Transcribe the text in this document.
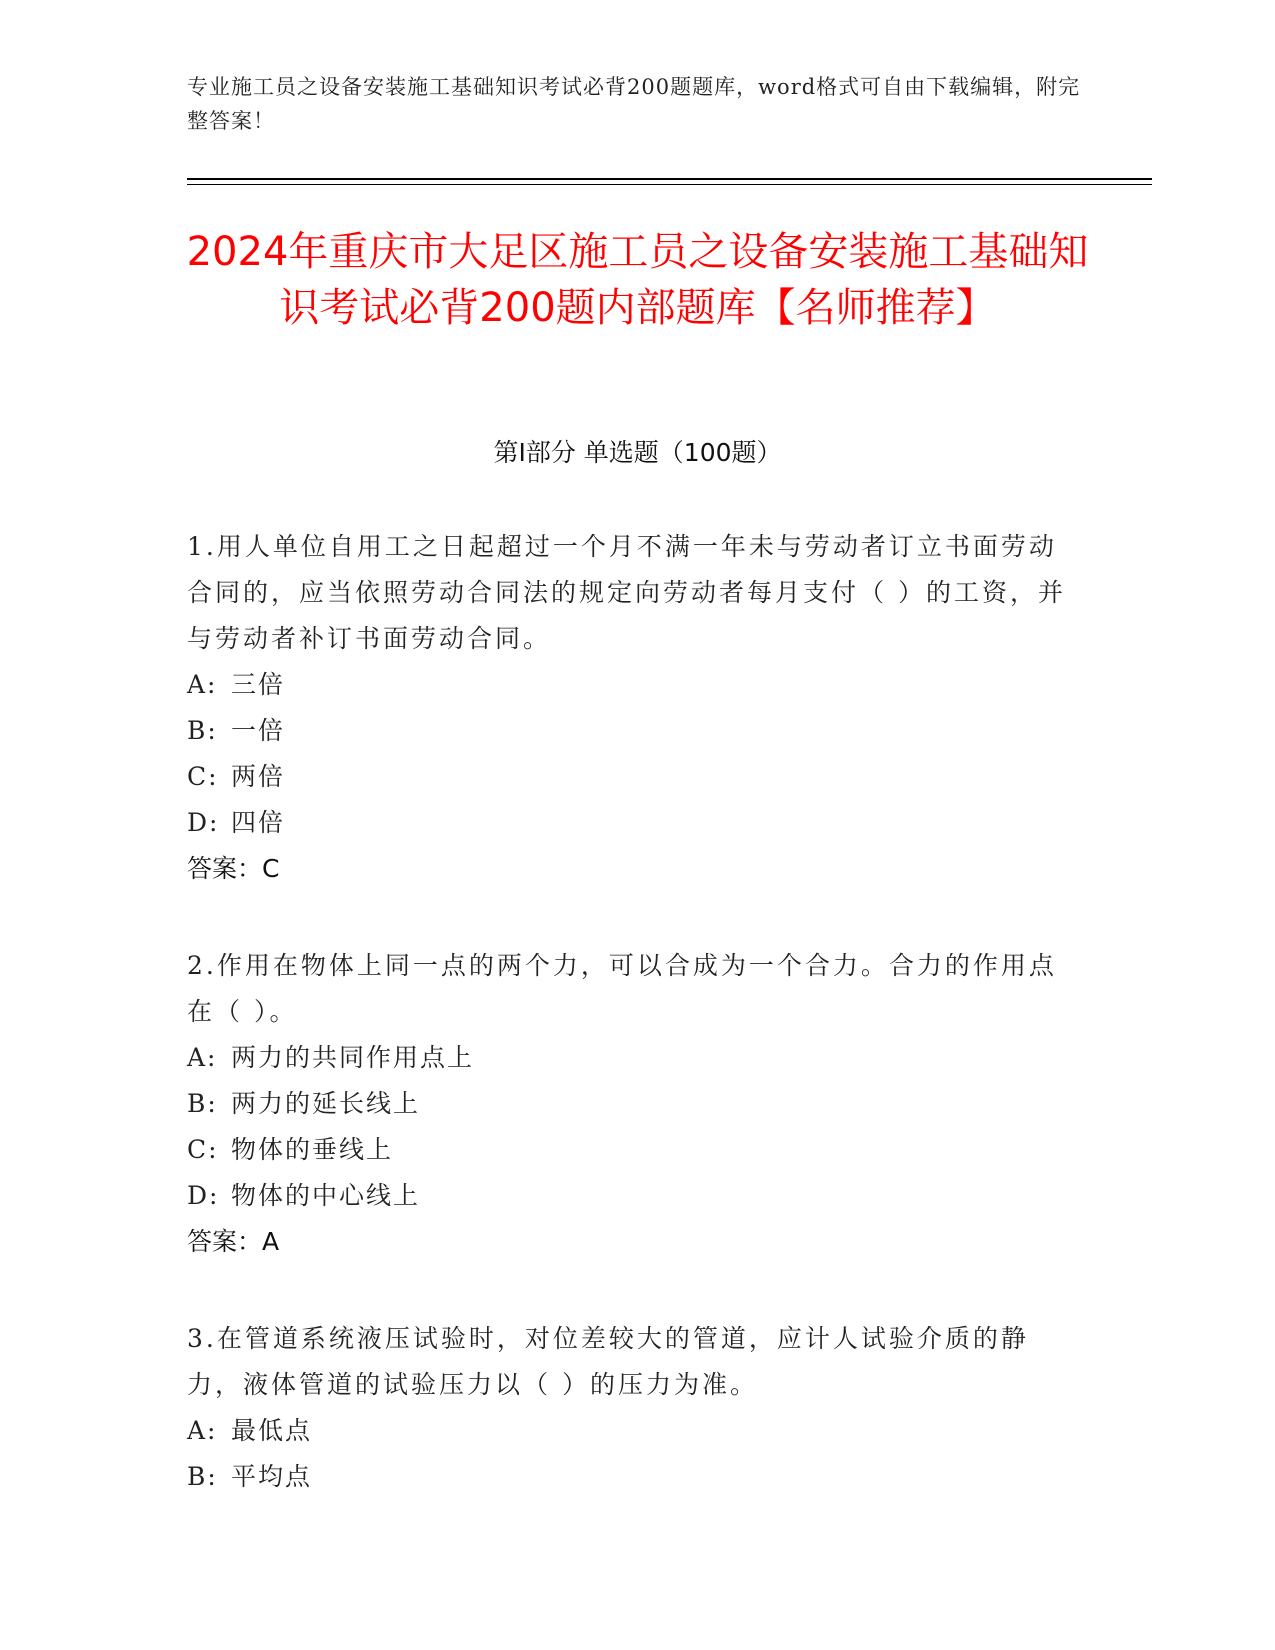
专业施工员之设备安装施工基础知识考试必背200题题库，word格式可自由下载编辑，附完整答案！
2024年重庆市大足区施工员之设备安装施工基础知识考试必背200题内部题库【名师推荐】
第Ⅰ部分 单选题（100题）

1.用人单位自用工之日起超过一个月不满一年未与劳动者订立书面劳动合同的，应当依照劳动合同法的规定向劳动者每月支付（ ）的工资，并与劳动者补订书面劳动合同。

A: 三倍

B: 一倍

C: 两倍

D: 四倍

答案：C

2.作用在物体上同一点的两个力，可以合成为一个合力。合力的作用点在（ ）。

A: 两力的共同作用点上

B: 两力的延长线上

C: 物体的垂线上

D: 物体的中心线上

答案：A

3.在管道系统液压试验时，对位差较大的管道，应计人试验介质的静力，液体管道的试验压力以（ ）的压力为准。

A: 最低点

B: 平均点
